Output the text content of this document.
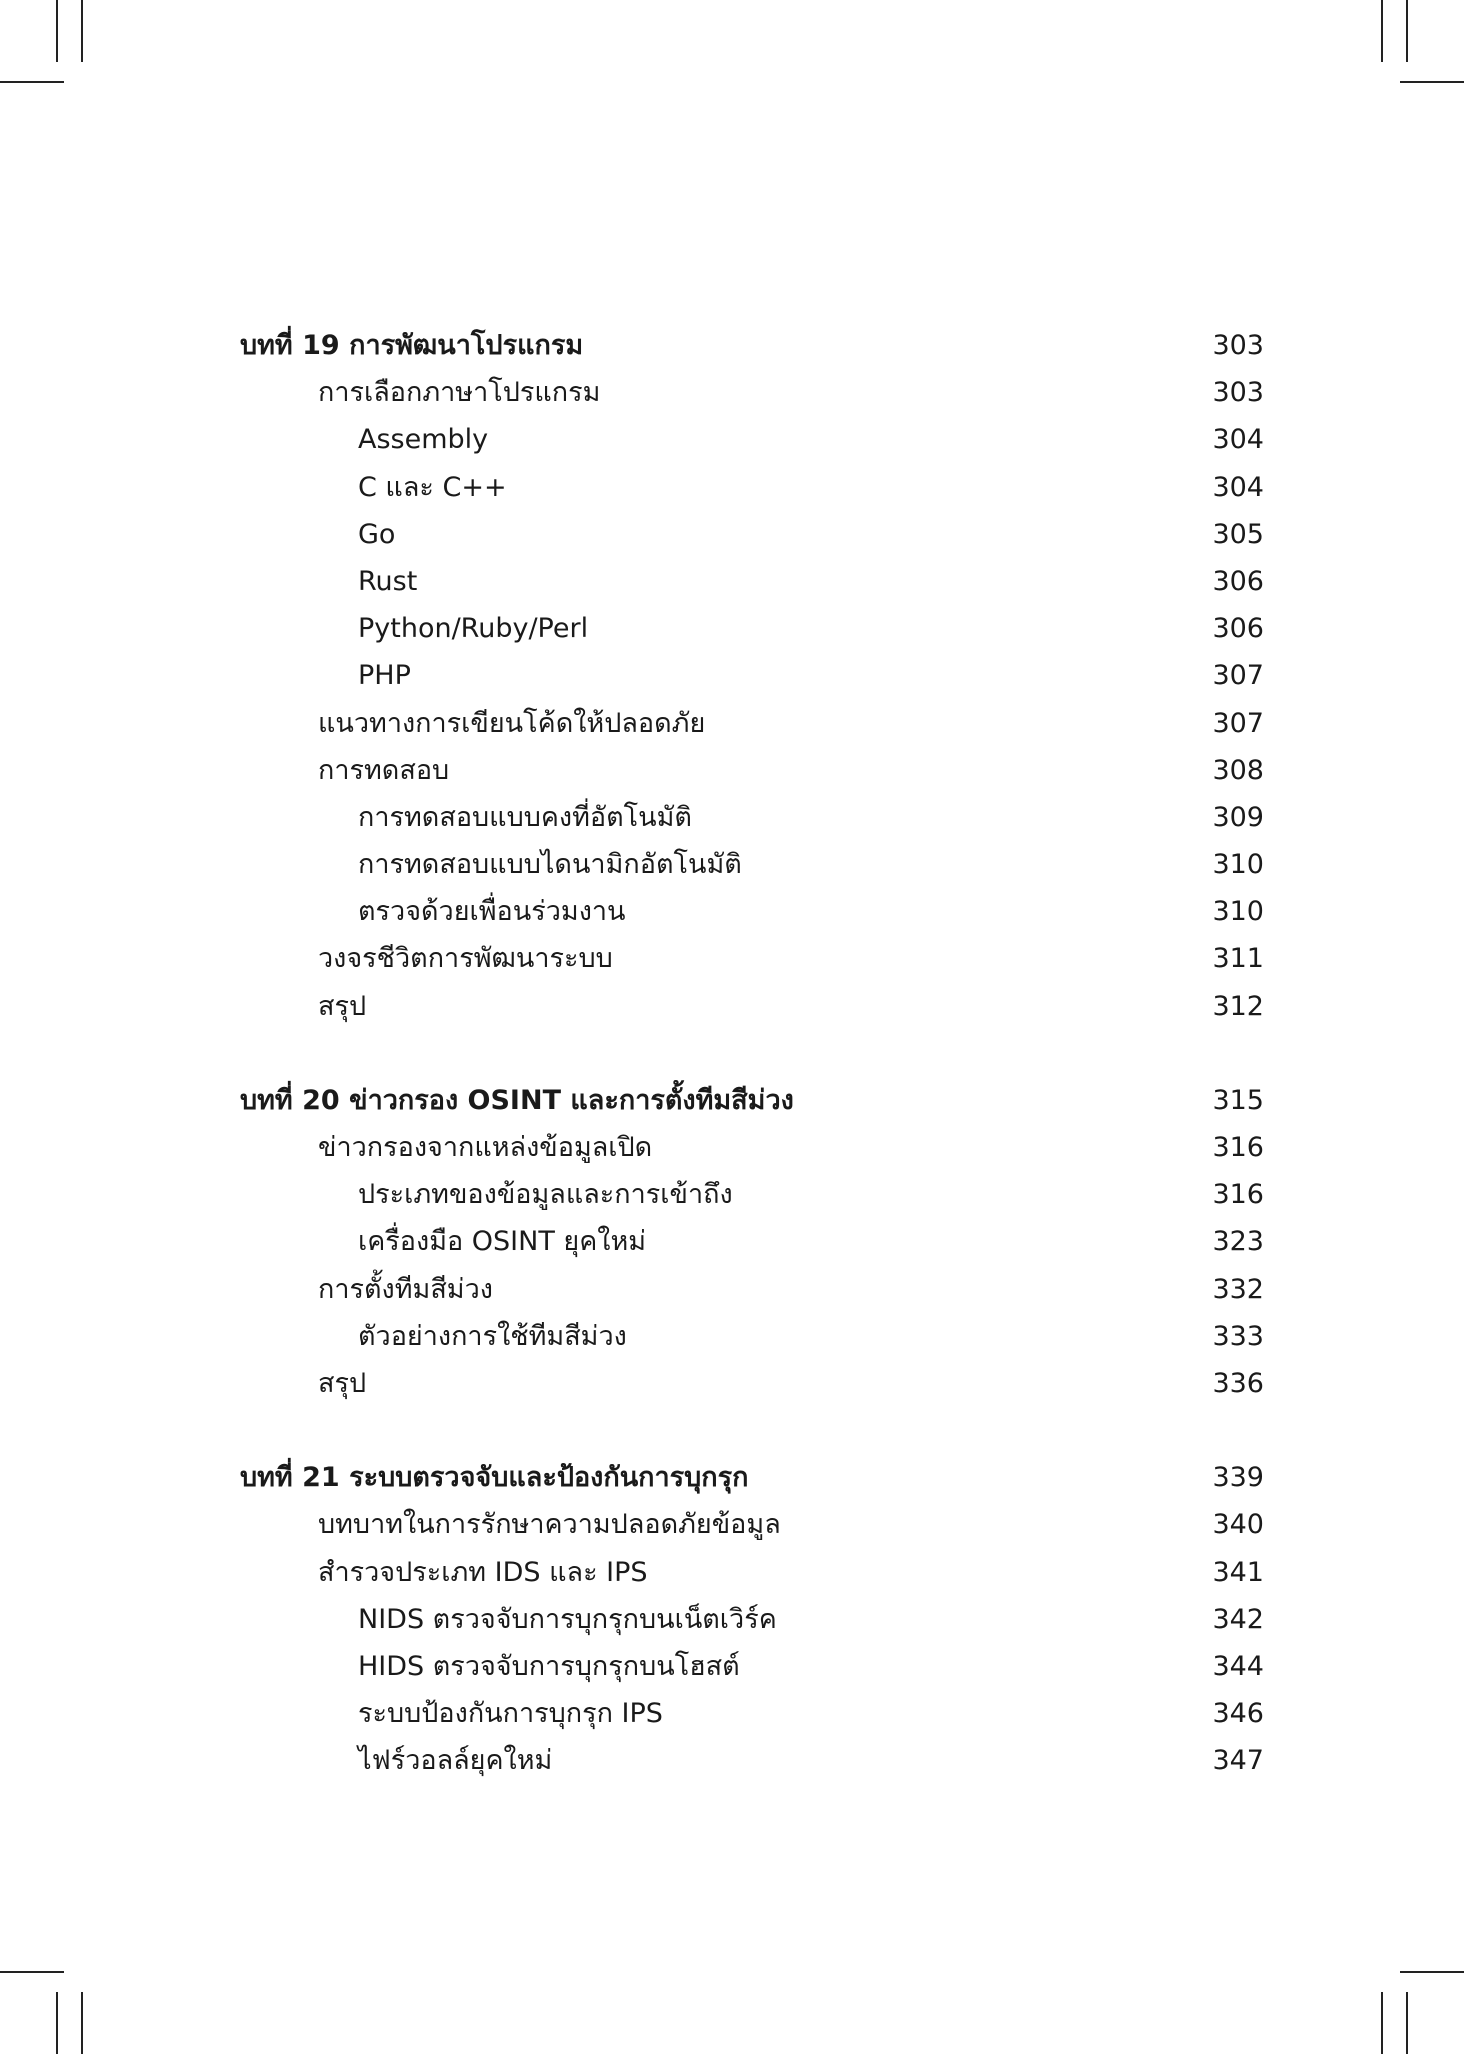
บทที่ 19 การพัฒนาโปรแกรม	303
การเลือกภาษาโปรแกรม	303
Assembly	304
C และ C++	304
Go	305
Rust	306
Python/Ruby/Perl	306
PHP	307
แนวทางการเขียนโค้ดให้ปลอดภัย	307
การทดสอบ	308
การทดสอบแบบคงที่อัตโนมัติ	309
การทดสอบแบบไดนามิกอัตโนมัติ	310
ตรวจด้วยเพื่อนร่วมงาน	310
วงจรชีวิตการพัฒนาระบบ	311
สรุป	312
บทที่ 20 ข่าวกรอง OSINT และการตั้งทีมสีม่วง	315
ข่าวกรองจากแหล่งข้อมูลเปิด	316
ประเภทของข้อมูลและการเข้าถึง	316
เครื่องมือ OSINT ยุคใหม่	323
การตั้งทีมสีม่วง	332
ตัวอย่างการใช้ทีมสีม่วง	333
สรุป	336
บทที่ 21 ระบบตรวจจับและป้องกันการบุกรุก	339
บทบาทในการรักษาความปลอดภัยข้อมูล	340
สำรวจประเภท IDS และ IPS	341
NIDS ตรวจจับการบุกรุกบนเน็ตเวิร์ค	342
HIDS ตรวจจับการบุกรุกบนโฮสต์	344
ระบบป้องกันการบุกรุก IPS	346
ไฟร์วอลล์ยุคใหม่	347
